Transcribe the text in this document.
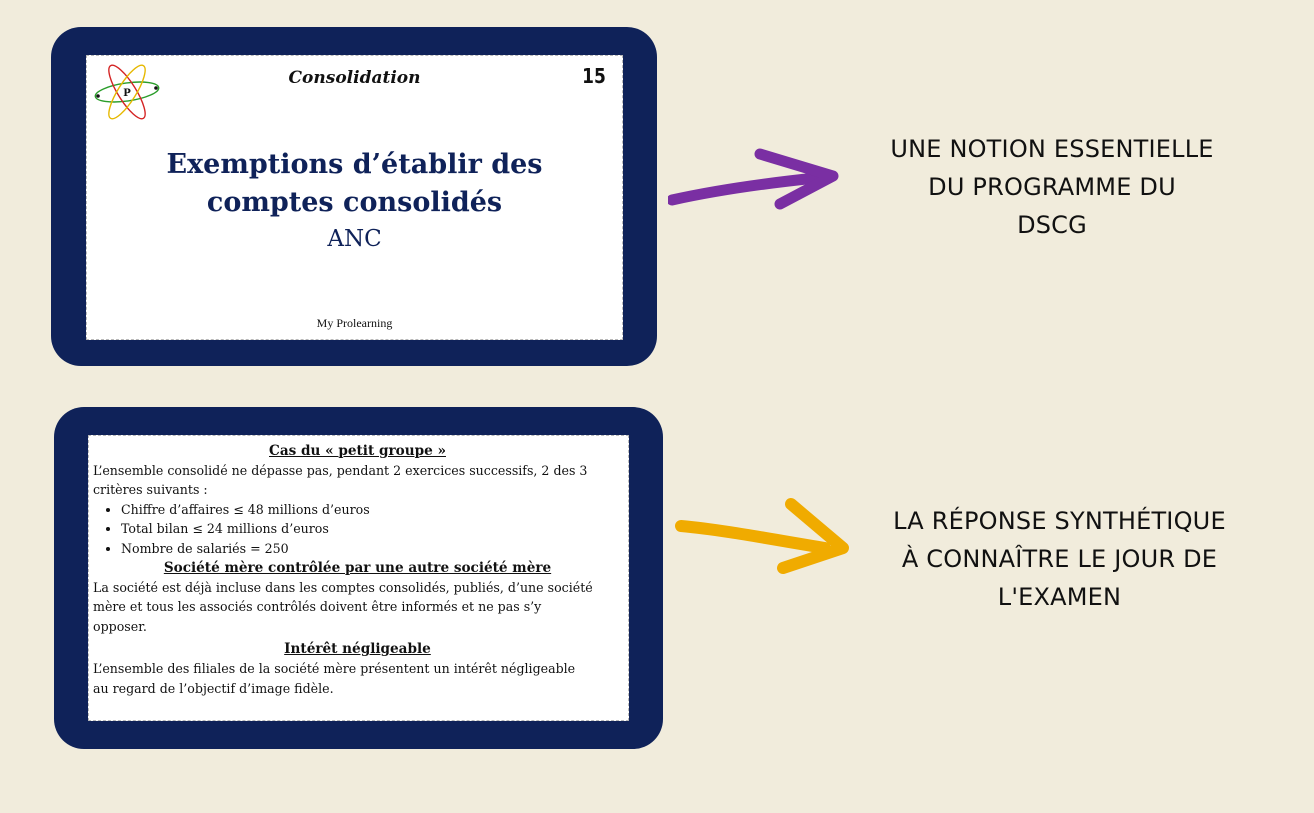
P
Consolidation	15
Exemptions d’établir des
comptes consolidés
ANC
My Prolearning
UNE NOTION ESSENTIELLE
DU PROGRAMME DU
DSCG

Cas du « petit groupe »

L’ensemble consolidé ne dépasse pas, pendant 2 exercices successifs, 2 des 3
critères suivants :

• Chiffre d’affaires ≤ 48 millions d’euros
• Total bilan ≤ 24 millions d’euros
• Nombre de salariés = 250

Société mère contrôlée par une autre société mère

La société est déjà incluse dans les comptes consolidés, publiés, d’une société
mère et tous les associés contrôlés doivent être informés et ne pas s’y
opposer.

Intérêt négligeable

L’ensemble des filiales de la société mère présentent un intérêt négligeable
au regard de l’objectif d’image fidèle.

LA RÉPONSE SYNTHÉTIQUE
À CONNAÎTRE LE JOUR DE
L'EXAMEN
